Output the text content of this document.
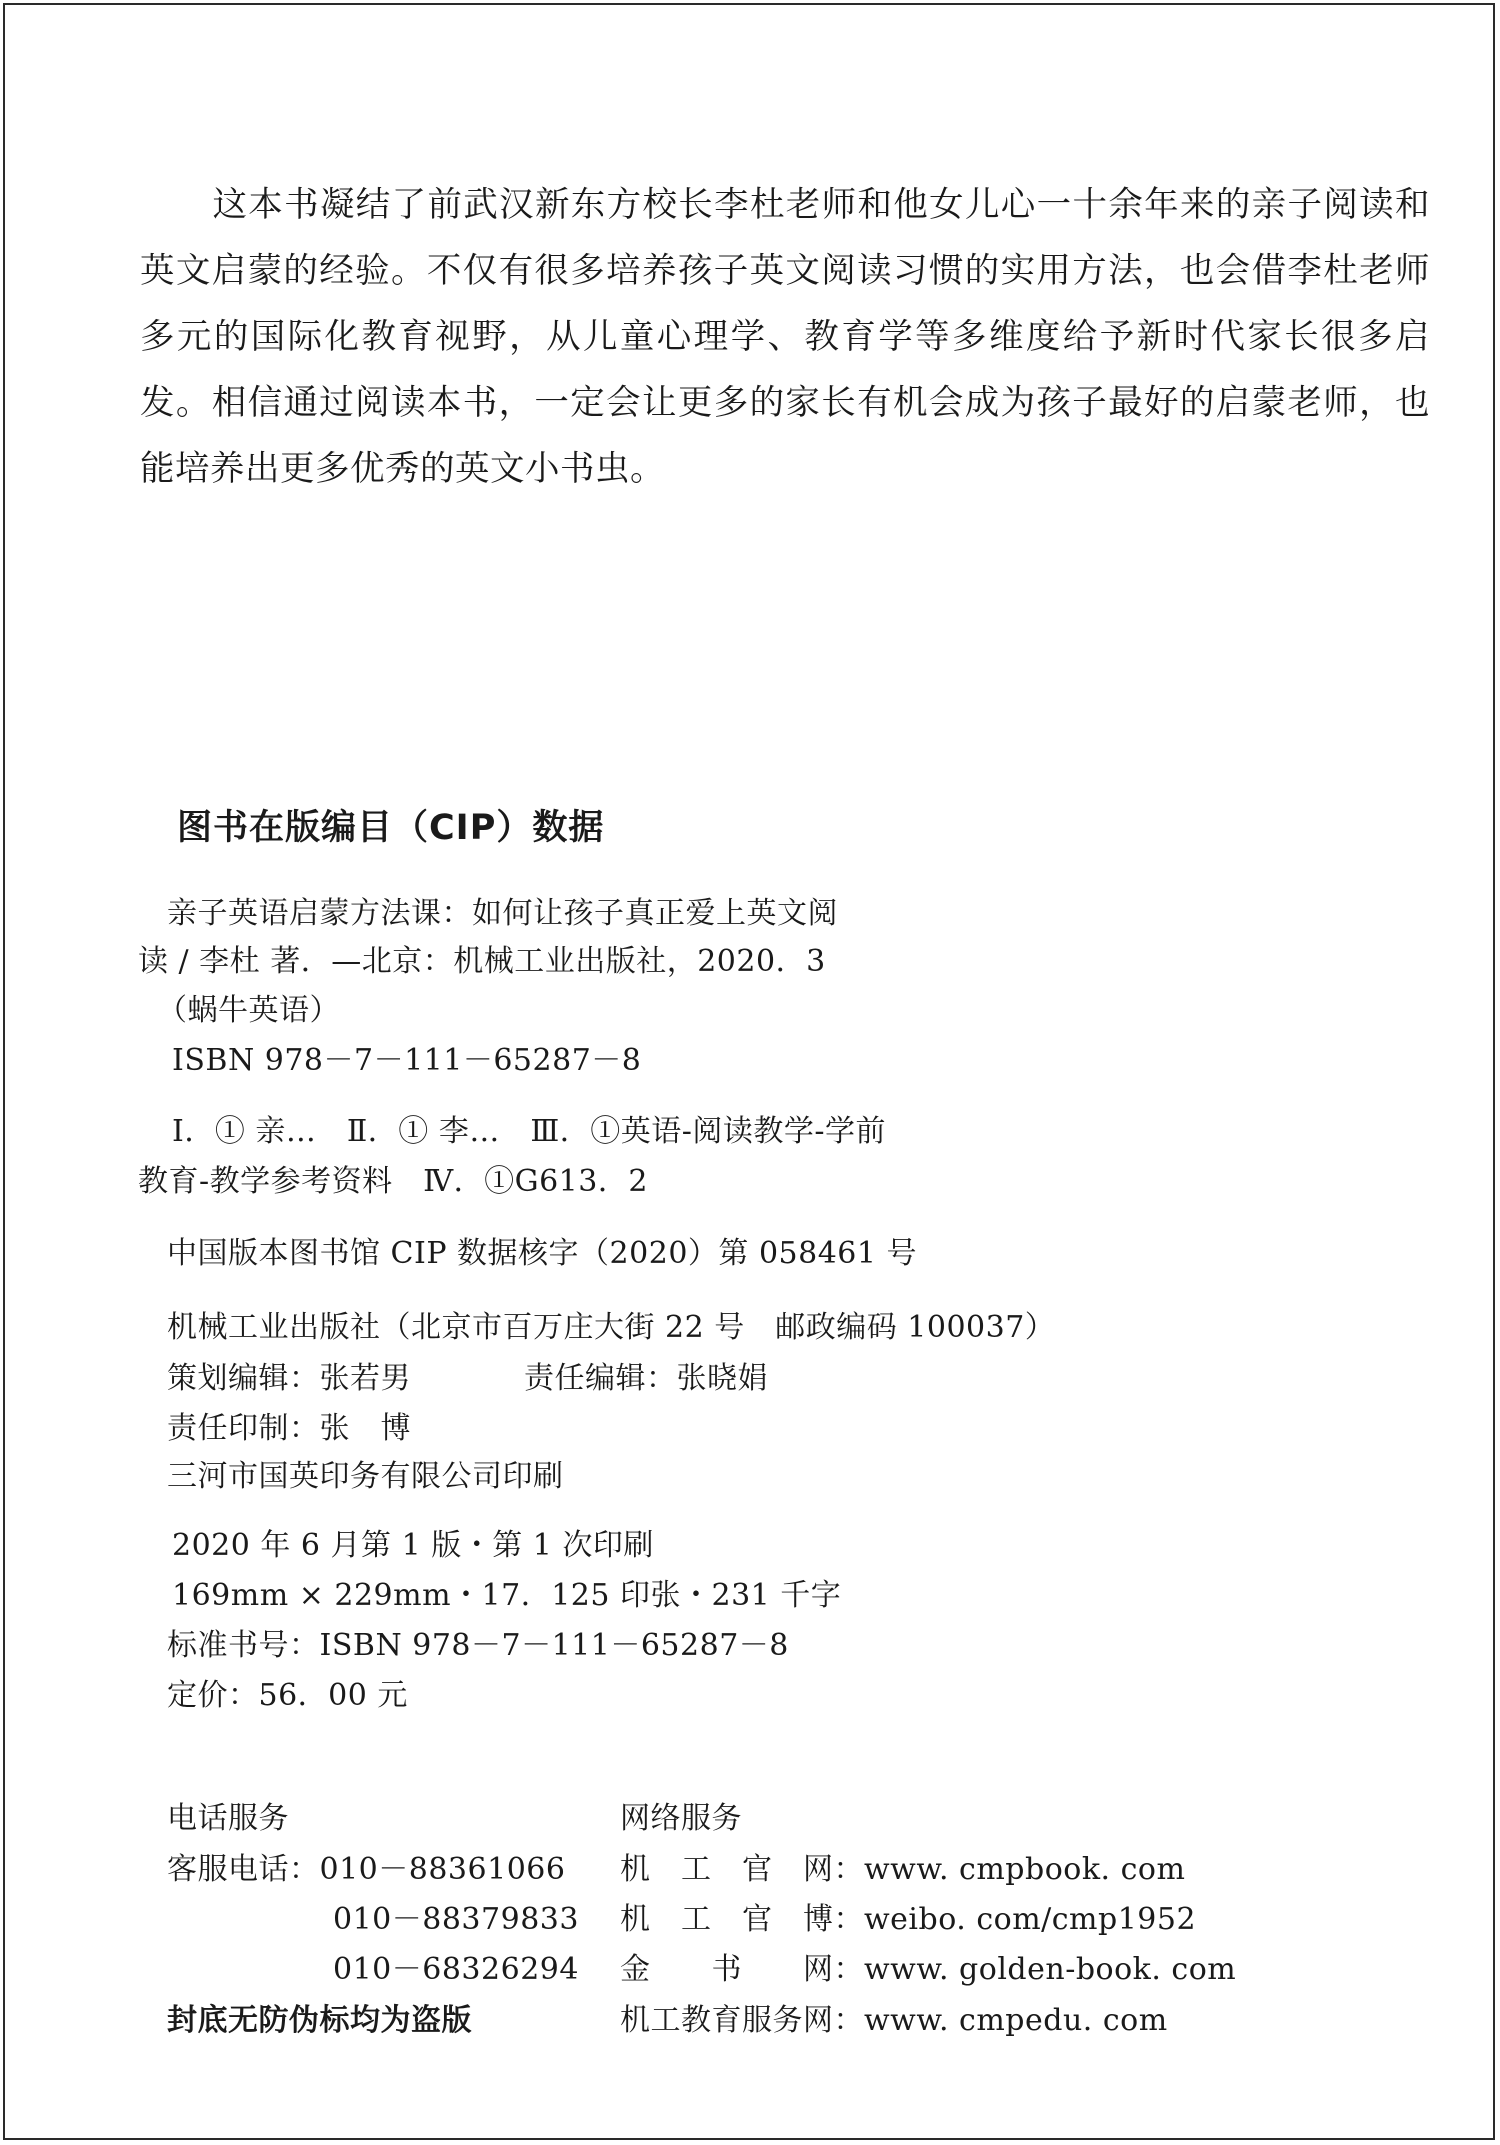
这本书凝结了前武汉新东方校长李杜老师和他女儿心一十余年来的亲子阅读和英文启蒙的经验。不仅有很多培养孩子英文阅读习惯的实用方法，也会借李杜老师多元的国际化教育视野，从儿童心理学、教育学等多维度给予新时代家长很多启发。相信通过阅读本书，一定会让更多的家长有机会成为孩子最好的启蒙老师，也能培养出更多优秀的英文小书虫。

图书在版编目（CIP）数据
亲子英语启蒙方法课：如何让孩子真正爱上英文阅
读 / 李杜 著．—北京：机械工业出版社，2020．3
（蜗牛英语）
ISBN 978－7－111－65287－8
Ⅰ．① 亲…　Ⅱ．① 李…　Ⅲ．①英语-阅读教学-学前
教育-教学参考资料　Ⅳ．①G613．2
中国版本图书馆 CIP 数据核字（2020）第 058461 号
机械工业出版社（北京市百万庄大街 22 号　邮政编码 100037）
策划编辑：张若男	责任编辑：张晓娟
责任印制：张　博
三河市国英印务有限公司印刷
2020 年 6 月第 1 版・第 1 次印刷
169mm × 229mm・17．125 印张・231 千字
标准书号：ISBN 978－7－111－65287－8
定价：56．00 元
电话服务
客服电话：010－88361066
010－88379833
010－68326294
封底无防伪标均为盗版
网络服务
机　工　官　网：www. cmpbook. com
机　工　官　博：weibo. com/cmp1952
金　　书　　网：www. golden-book. com
机工教育服务网：www. cmpedu. com
